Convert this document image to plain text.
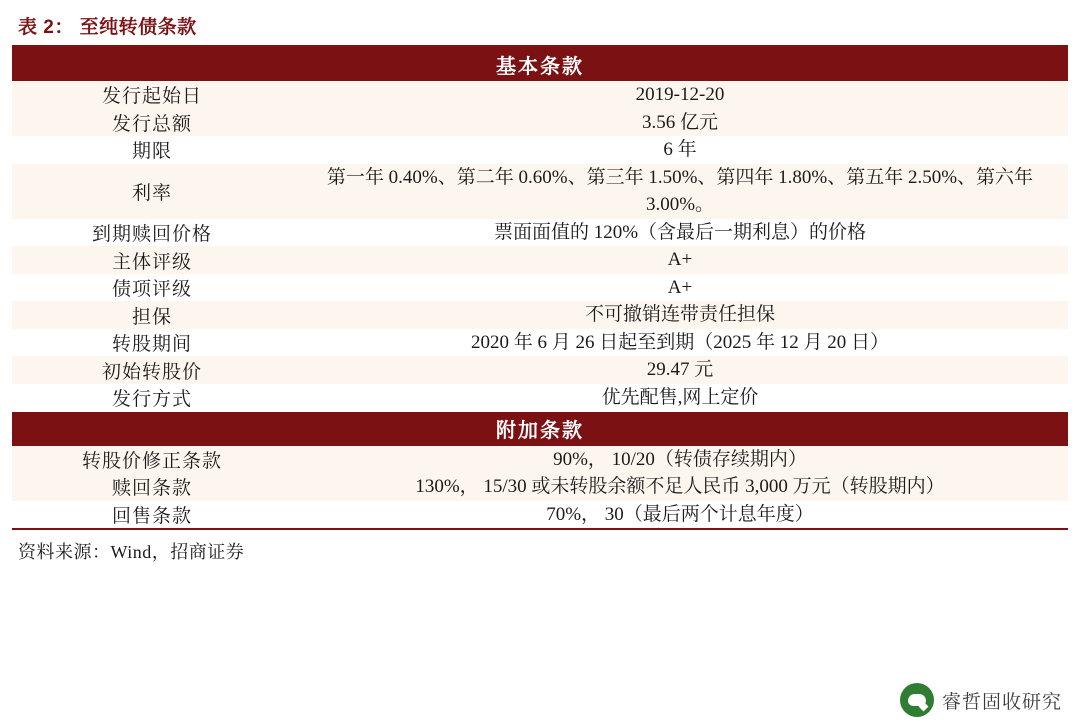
表 2： 至纯转债条款
基本条款	
发行起始日	2019-12-20
发行总额	3.56 亿元
期限	6 年
利率	第一年 0.40%、第二年 0.60%、第三年 1.50%、第四年 1.80%、第五年 2.50%、第六年 3.00%。
到期赎回价格	票面面值的 120%（含最后一期利息）的价格
主体评级	A+
债项评级	A+
担保	不可撤销连带责任担保
转股期间	2020 年 6 月 26 日起至到期（2025 年 12 月 20 日）
初始转股价	29.47 元
发行方式	优先配售,网上定价
附加条款	
转股价修正条款	90%， 10/20（转债存续期内）
赎回条款	130%， 15/30 或未转股余额不足人民币 3,000 万元（转股期内）
回售条款	70%， 30（最后两个计息年度）
资料来源：Wind，招商证券
睿哲固收研究
